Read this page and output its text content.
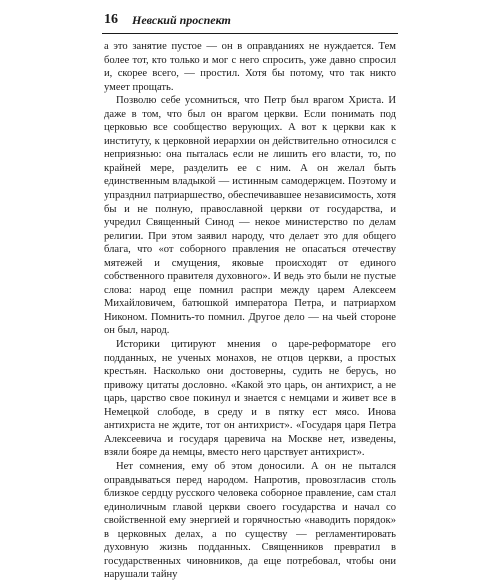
16 Невский проспект

а это занятие пустое — он в оправданиях не нуждается. Тем более тот, кто только и мог с него спросить, уже давно спросил и, скорее всего, — простил. Хотя бы потому, что так никто умеет прощать.

Позволю себе усомниться, что Петр был врагом Христа. И даже в том, что был он врагом церкви. Если понимать под церковью все сообщество верующих. А вот к церкви как к институту, к церковной иерархии он действительно относился с неприязнью: она пыталась если не лишить его власти, то, по крайней мере, разделить ее с ним. А он желал быть единственным владыкой — истинным самодержцем. Поэтому и упразднил патриаршество, обеспечивавшее независимость, хотя бы и не полную, православной церкви от государства, и учредил Священный Синод — некое министерство по делам религии. При этом заявил народу, что делает это для общего блага, что «от соборного правления не опасаться отечеству мятежей и смущения, яковые происходят от единого собственного правителя духовного». И ведь это были не пустые слова: народ еще помнил распри между царем Алексеем Михайловичем, батюшкой императора Петра, и патриархом Никоном. Помнить-то помнил. Другое дело — на чьей стороне он был, народ.

Историки цитируют мнения о царе-реформаторе его подданных, не ученых монахов, не отцов церкви, а простых крестьян. Насколько они достоверны, судить не берусь, но привожу цитаты дословно. «Какой это царь, он антихрист, а не царь, царство свое покинул и знается с немцами и живет все в Немецкой слободе, в среду и в пятку ест мясо. Инова антихриста не ждите, тот он антихрист». «Государя царя Петра Алексеевича и государя царевича на Москве нет, изведены, взяли боярe да немцы, вместо него царствует антихрист».

Нет сомнения, ему об этом доносили. А он не пытался оправдываться перед народом. Напротив, провозгласив столь близкое сердцу русского человека соборное правление, сам стал единоличным главой церкви своего государства и начал со свойственной ему энергией и горячностью «наводить порядок» в церковных делах, а по существу — регламентировать духовную жизнь подданных. Священников превратил в государственных чиновников, да еще потребовал, чтобы они нарушали тайну
